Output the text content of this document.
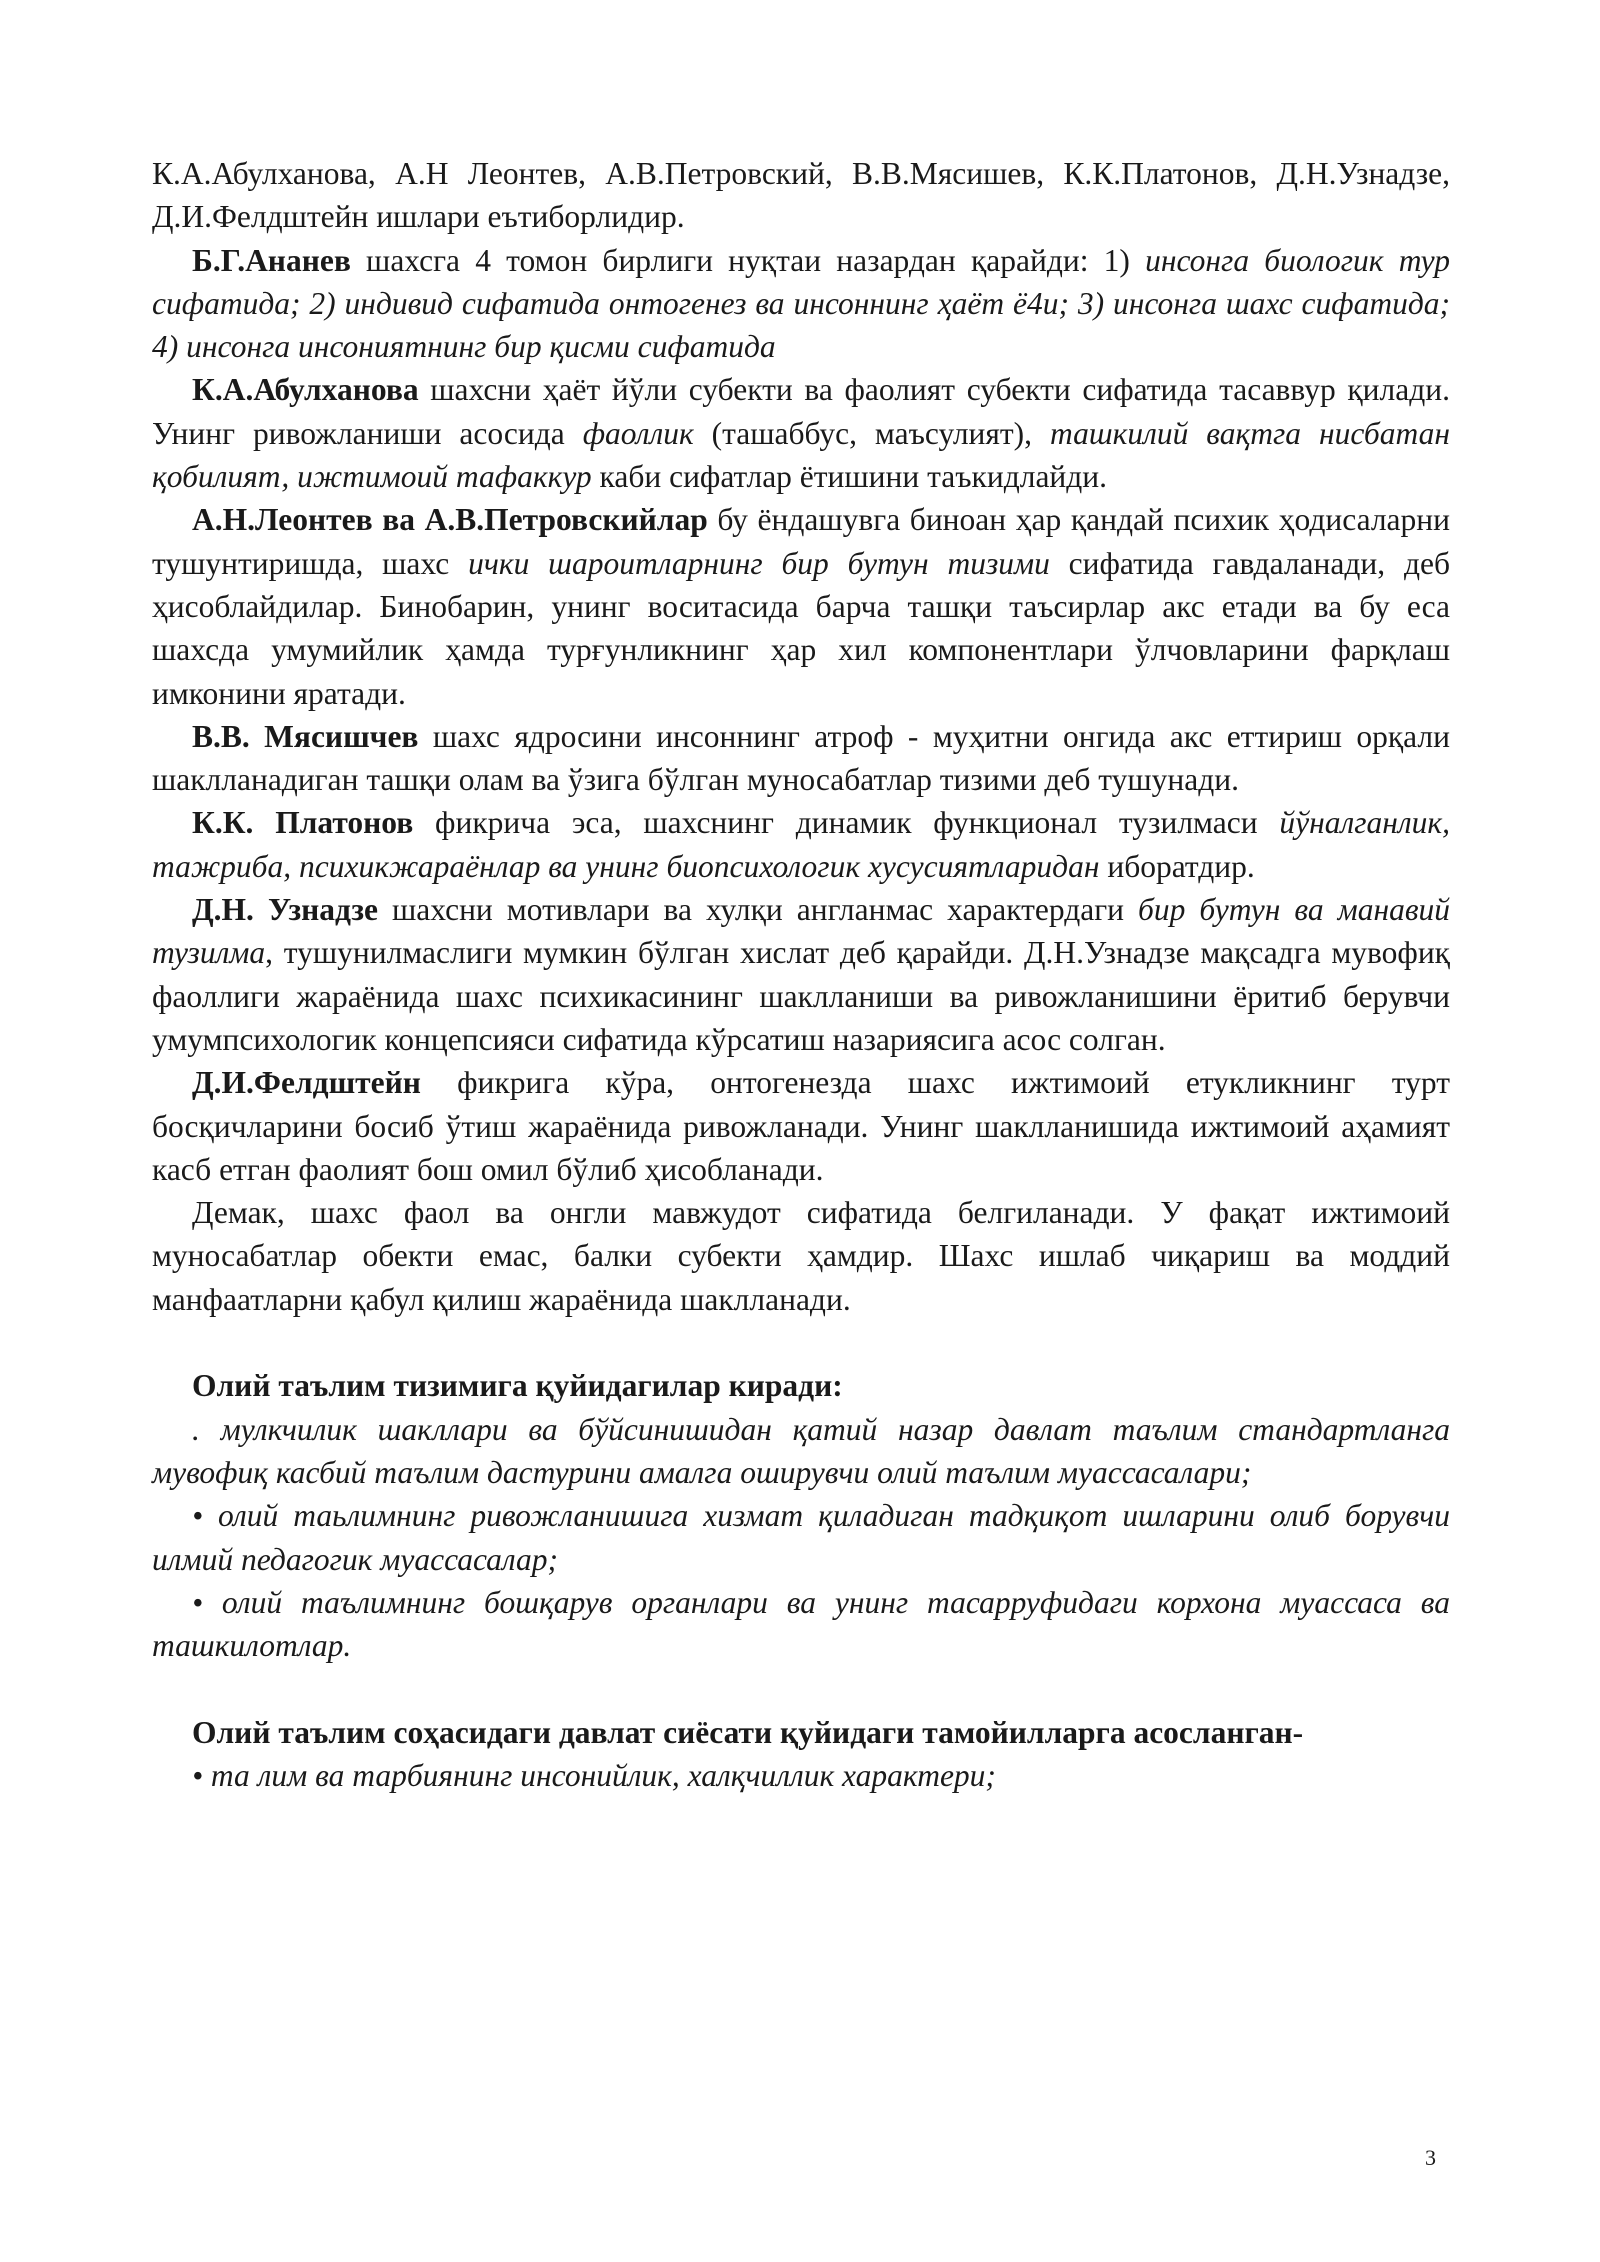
К.А.Абулханова, А.Н Леонтев, А.В.Петровский, В.В.Мясишев, К.К.Платонов, Д.Н.Узнадзе, Д.И.Фелдштейн ишлари еътиборлидир.

Б.Г.Ананев шахсга 4 томон бирлиги нуқтаи назардан қарайди: 1) инсонга биологик тур сифатида; 2) индивид сифатида онтогенез ва инсоннинг ҳаёт ё4и; 3) инсонга шахс сифатида; 4) инсонга инсониятнинг бир қисми сифатида

К.А.Абулханова шахсни ҳаёт йўли субекти ва фаолият субекти сифатида тасаввур қилади. Унинг ривожланиши асосида фаоллик (ташаббус, маъсулият), ташкилий вақтга нисбатан қобилият, ижтимоий тафаккур каби сифатлар ётишини таъкидлайди.

А.Н.Леонтев ва А.В.Петровскийлар бу ёндашувга биноан ҳар қандай психик ҳодисаларни тушунтиришда, шахс ички шароитларнинг бир бутун тизими сифатида гавдаланади, деб ҳисоблайдилар. Бинобарин, унинг воситасида барча ташқи таъсирлар акс етади ва бу еса шахсда умумийлик ҳамда турғунликнинг ҳар хил компонентлари ўлчовларини фарқлаш имконини яратади.

В.В. Мясишчев шахс ядросини инсоннинг атроф - муҳитни онгида акс еттириш орқали шаклланадиган ташқи олам ва ўзига бўлган муносабатлар тизими деб тушунади.

К.К. Платонов фикрича эса, шахснинг динамик функционал тузилмаси йўналганлик, тажриба, психикжараёнлар ва унинг биопсихологик хусусиятларидан иборатдир.

Д.Н. Узнадзе шахсни мотивлари ва хулқи англанмас характердаги бир бутун ва манавий тузилма, тушунилмаслиги мумкин бўлган хислат деб қарайди. Д.Н.Узнадзе мақсадга мувофиқ фаоллиги жараёнида шахс психикасининг шаклланиши ва ривожланишини ёритиб берувчи умумпсихологик концепсияси сифатида кўрсатиш назариясига асос солган.

Д.И.Фелдштейн фикрига кўра, онтогенезда шахс ижтимоий етукликнинг турт босқичларини босиб ўтиш жараёнида ривожланади. Унинг шаклланишида ижтимоий аҳамият касб етган фаолият бош омил бўлиб ҳисобланади.

Демак, шахс фаол ва онгли мавжудот сифатида белгиланади. У фақат ижтимоий муносабатлар обекти емас, балки субекти ҳамдир. Шахс ишлаб чиқариш ва моддий манфаатларни қабул қилиш жараёнида шаклланади.

Олий таълим тизимига қуйидагилар киради:

. мулкчилик шакллари ва бўйсинишидан қатий назар давлат таълим стандартланга мувофиқ касбий таълим дастурини амалга оширувчи олий таълим муассасалари;

• олий таьлимнинг ривожланишига хизмат қиладиган тадқиқот ишларини олиб борувчи илмий педагогик муассасалар;

• олий таълимнинг бошқарув органлари ва унинг тасарруфидаги корхона муассаса ва ташкилотлар.

Олий таълим соҳасидаги давлат сиёсати қуйидаги тамойилларга асосланган-

• та лим ва тарбиянинг инсонийлик, халқчиллик характери;

3
